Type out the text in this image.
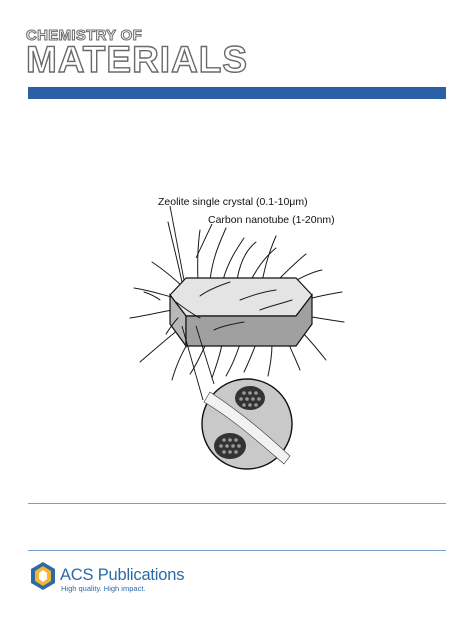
CHEMISTRY OF
MATERIALS
Zeolite single crystal (0.1-10μm)
Carbon nanotube (1-20nm)
ACS Publications
High quality. High impact.
